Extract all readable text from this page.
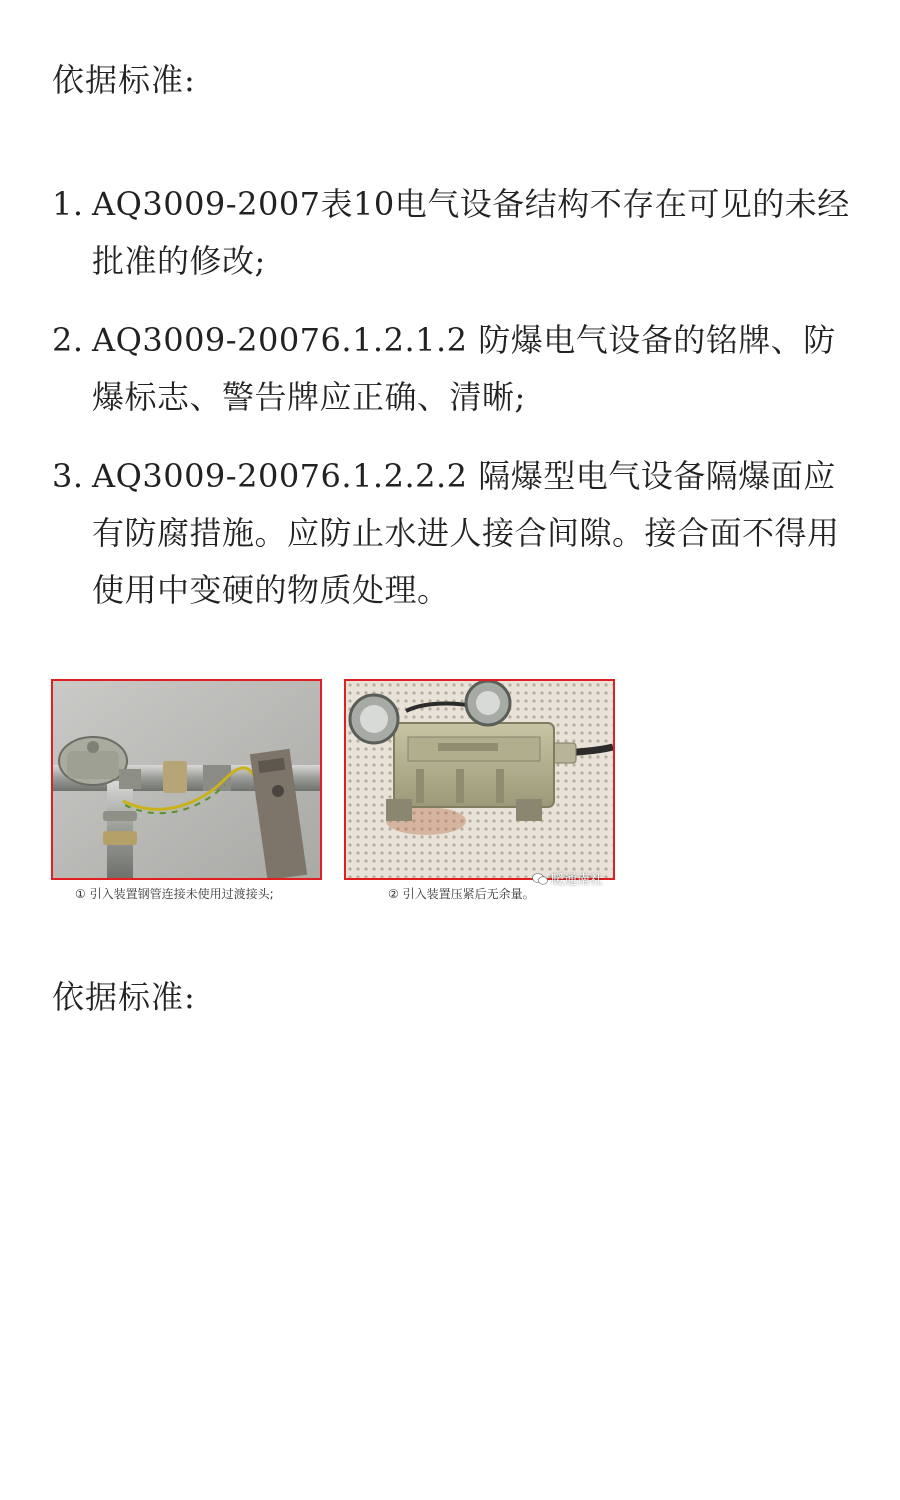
依据标准:
1. AQ3009-2007表10电气设备结构不存在可见的未经批准的修改;
2. AQ3009-20076.1.2.1.2 防爆电气设备的铭牌、防爆标志、警告牌应正确、清晰;
3. AQ3009-20076.1.2.2.2 隔爆型电气设备隔爆面应有防腐措施。应防止水进人接合间隙。接合面不得用使用中变硬的物质处理。
① 引入装置钢管连接未使用过渡接头;	② 引入装置压紧后无余量。
暖通南社
依据标准:
